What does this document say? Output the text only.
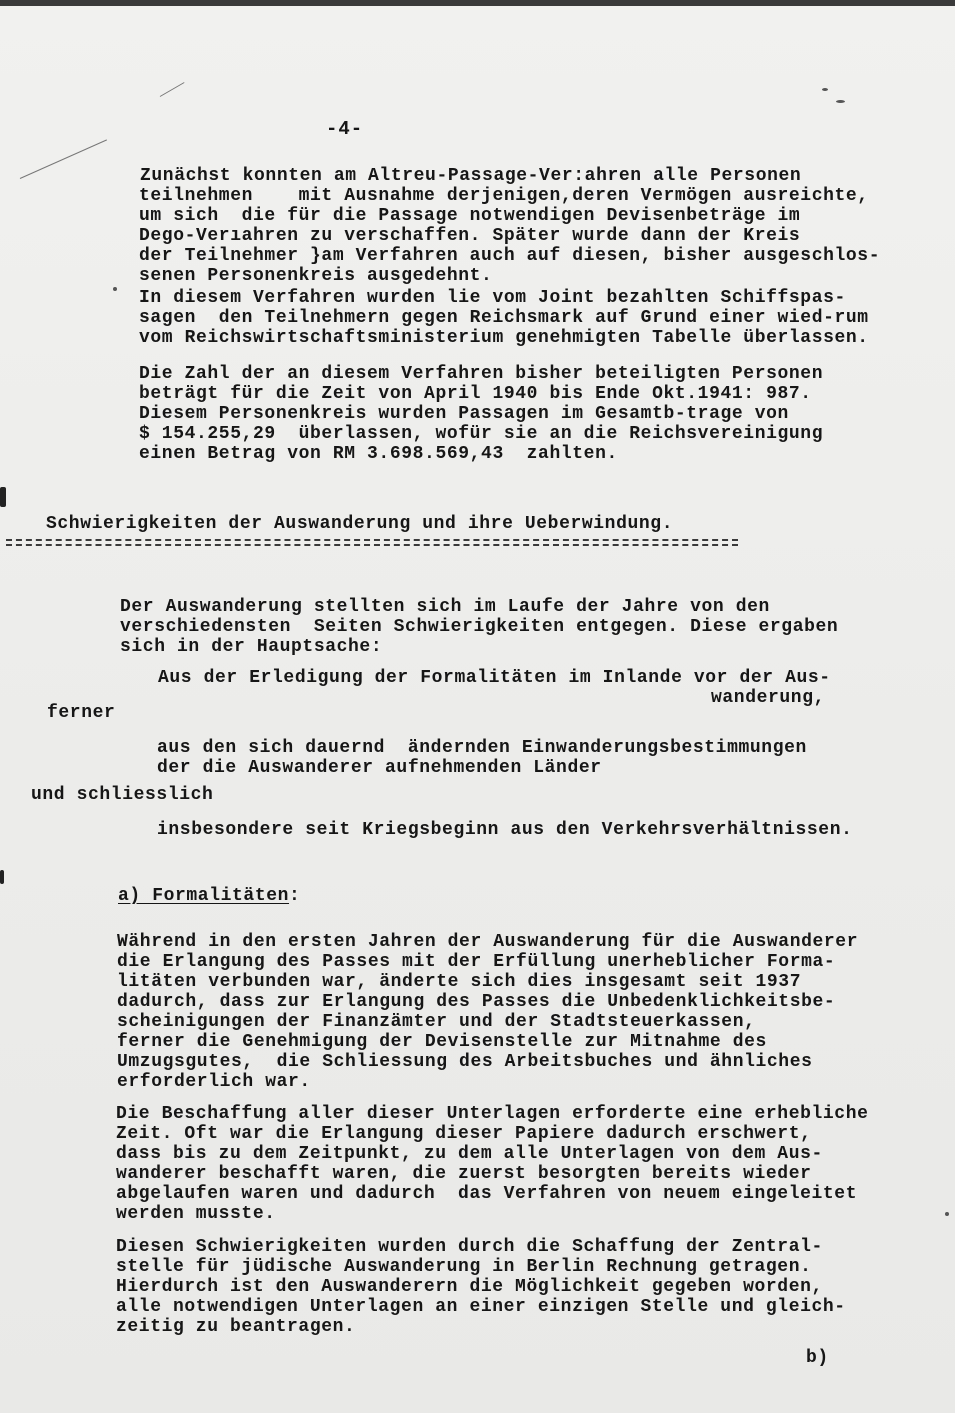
-4-
Zunächst konnten am Altreu-Passage-Ver:ahren alle Personen
teilnehmen    mit Ausnahme derjenigen,deren Vermögen ausreichte,
um sich  die für die Passage notwendigen Devisenbeträge im
Dego-Verıahren zu verschaffen. Später wurde dann der Kreis
der Teilnehmer }am Verfahren auch auf diesen, bisher ausgeschlos-
senen Personenkreis ausgedehnt.
In diesem Verfahren wurden lie vom Joint bezahlten Schiffspas-
sagen  den Teilnehmern gegen Reichsmark auf Grund einer wied-rum
vom Reichswirtschaftsministerium genehmigten Tabelle überlassen.
Die Zahl der an diesem Verfahren bisher beteiligten Personen
beträgt für die Zeit von April 1940 bis Ende Okt.1941: 987.
Diesem Personenkreis wurden Passagen im Gesamtb-trage von
$ 154.255,29  überlassen, wofür sie an die Reichsvereinigung
einen Betrag von RM 3.698.569,43  zahlten.
Schwierigkeiten der Auswanderung und ihre Ueberwindung.
Der Auswanderung stellten sich im Laufe der Jahre von den
verschiedensten  Seiten Schwierigkeiten entgegen. Diese ergaben
sich in der Hauptsache:
Aus der Erledigung der Formalitäten im Inlande vor der Aus-
wanderung,
ferner
aus den sich dauernd  ändernden Einwanderungsbestimmungen
der die Auswanderer aufnehmenden Länder
und schliesslich
insbesondere seit Kriegsbeginn aus den Verkehrsverhältnissen.
a) Formalitäten:
Während in den ersten Jahren der Auswanderung für die Auswanderer
die Erlangung des Passes mit der Erfüllung unerheblicher Forma-
litäten verbunden war, änderte sich dies insgesamt seit 1937
dadurch, dass zur Erlangung des Passes die Unbedenklichkeitsbe-
scheinigungen der Finanzämter und der Stadtsteuerkassen,
ferner die Genehmigung der Devisenstelle zur Mitnahme des
Umzugsgutes,  die Schliessung des Arbeitsbuches und ähnliches
erforderlich war.
Die Beschaffung aller dieser Unterlagen erforderte eine erhebliche
Zeit. Oft war die Erlangung dieser Papiere dadurch erschwert,
dass bis zu dem Zeitpunkt, zu dem alle Unterlagen von dem Aus-
wanderer beschafft waren, die zuerst besorgten bereits wieder
abgelaufen waren und dadurch  das Verfahren von neuem eingeleitet
werden musste.
Diesen Schwierigkeiten wurden durch die Schaffung der Zentral-
stelle für jüdische Auswanderung in Berlin Rechnung getragen.
Hierdurch ist den Auswanderern die Möglichkeit gegeben worden,
alle notwendigen Unterlagen an einer einzigen Stelle und gleich-
zeitig zu beantragen.
b)
